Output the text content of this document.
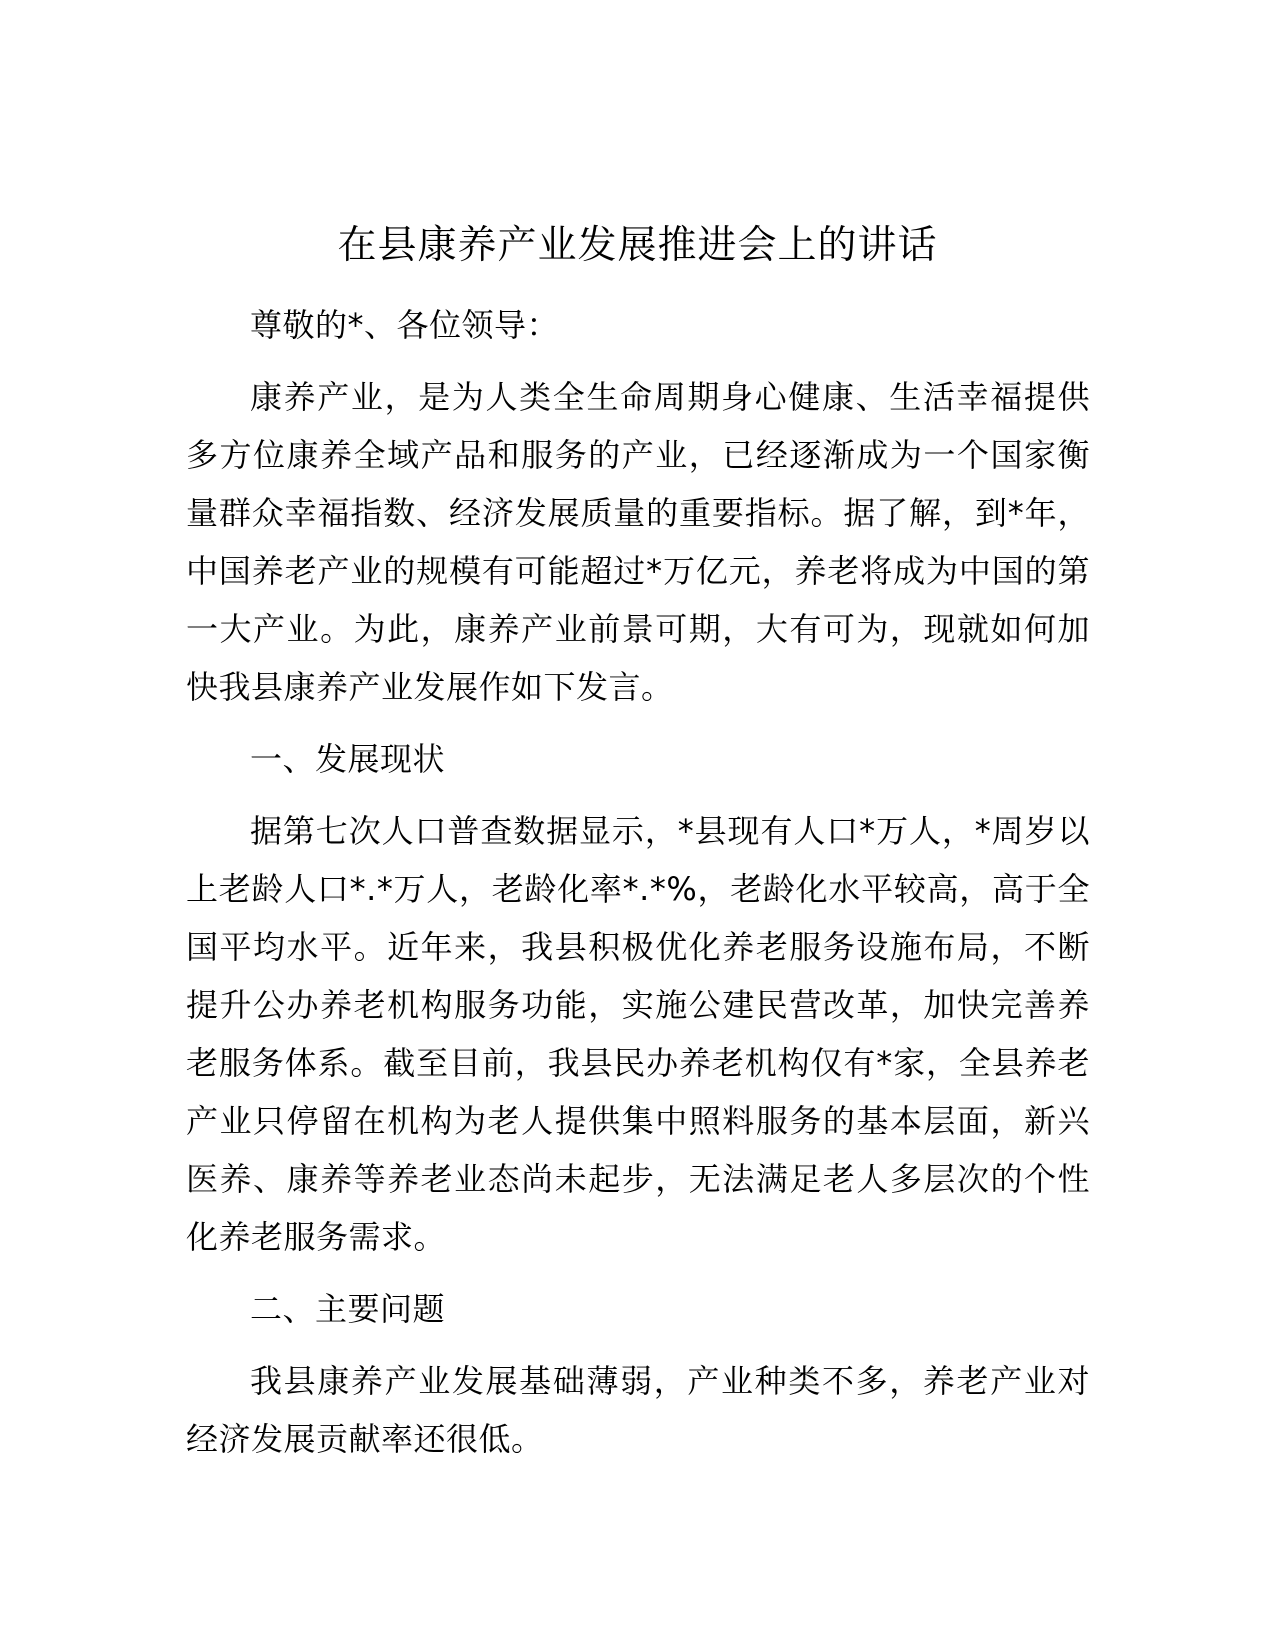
在县康养产业发展推进会上的讲话

尊敬的*、各位领导：

康养产业，是为人类全生命周期身心健康、生活幸福提供多方位康养全域产品和服务的产业，已经逐渐成为一个国家衡量群众幸福指数、经济发展质量的重要指标。据了解，到*年，中国养老产业的规模有可能超过*万亿元，养老将成为中国的第一大产业。为此，康养产业前景可期，大有可为，现就如何加快我县康养产业发展作如下发言。

一、发展现状

据第七次人口普查数据显示，*县现有人口*万人，*周岁以上老龄人口*.*万人，老龄化率*.*%，老龄化水平较高，高于全国平均水平。近年来，我县积极优化养老服务设施布局，不断提升公办养老机构服务功能，实施公建民营改革，加快完善养老服务体系。截至目前，我县民办养老机构仅有*家，全县养老产业只停留在机构为老人提供集中照料服务的基本层面，新兴医养、康养等养老业态尚未起步，无法满足老人多层次的个性化养老服务需求。

二、主要问题

我县康养产业发展基础薄弱，产业种类不多，养老产业对经济发展贡献率还很低。
